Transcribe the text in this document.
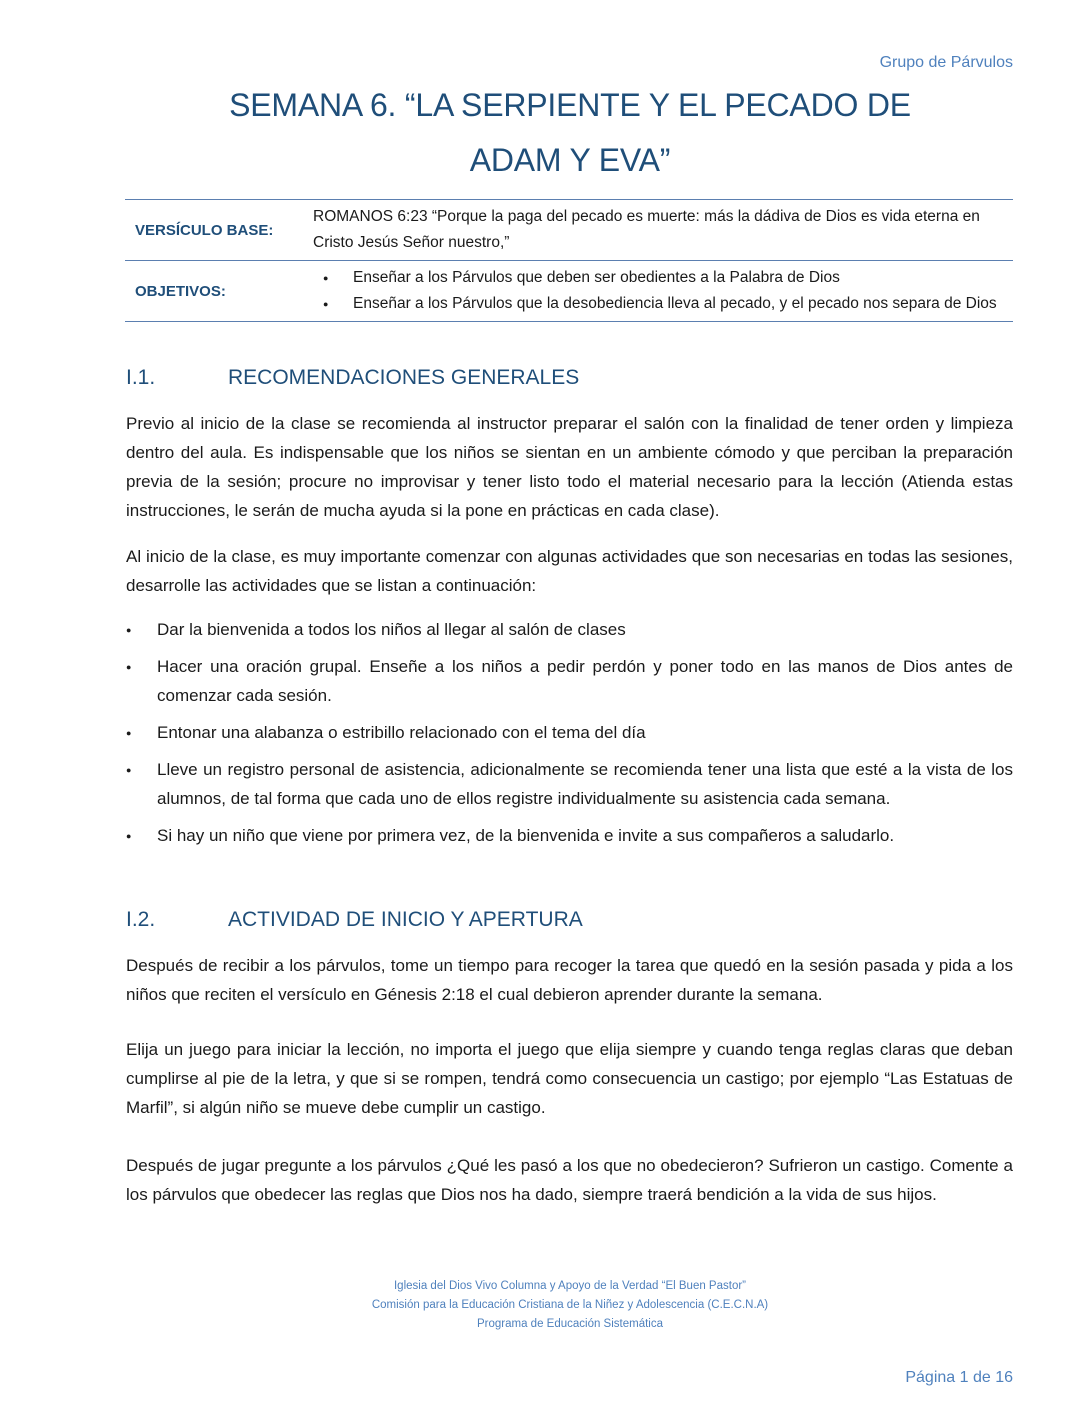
Grupo de Párvulos
SEMANA 6. “LA SERPIENTE Y EL PECADO DE
ADAM Y EVA”
VERSÍCULO BASE:
ROMANOS 6:23 “Porque la paga del pecado es muerte: más la dádiva de Dios es vida eterna en Cristo Jesús Señor nuestro,”
OBJETIVOS:
● Enseñar a los Párvulos que deben ser obedientes a la Palabra de Dios
● Enseñar a los Párvulos que la desobediencia lleva al pecado, y el pecado nos separa de Dios
I.1.	RECOMENDACIONES GENERALES

Previo al inicio de la clase se recomienda al instructor preparar el salón con la finalidad de tener orden y limpieza dentro del aula. Es indispensable que los niños se sientan en un ambiente cómodo y que perciban la preparación previa de la sesión; procure no improvisar y tener listo todo el material necesario para la lección (Atienda estas instrucciones, le serán de mucha ayuda si la pone en prácticas en cada clase).

Al inicio de la clase, es muy importante comenzar con algunas actividades que son necesarias en todas las sesiones, desarrolle las actividades que se listan a continuación:

● Dar la bienvenida a todos los niños al llegar al salón de clases
● Hacer una oración grupal. Enseñe a los niños a pedir perdón y poner todo en las manos de Dios antes de comenzar cada sesión.
● Entonar una alabanza o estribillo relacionado con el tema del día
● Lleve un registro personal de asistencia, adicionalmente se recomienda tener una lista que esté a la vista de los alumnos, de tal forma que cada uno de ellos registre individualmente su asistencia cada semana.
● Si hay un niño que viene por primera vez, de la bienvenida e invite a sus compañeros a saludarlo.
I.2.	ACTIVIDAD DE INICIO Y APERTURA

Después de recibir a los párvulos, tome un tiempo para recoger la tarea que quedó en la sesión pasada y pida a los niños que reciten el versículo en Génesis 2:18 el cual debieron aprender durante la semana.

Elija un juego para iniciar la lección, no importa el juego que elija siempre y cuando tenga reglas claras que deban cumplirse al pie de la letra, y que si se rompen, tendrá como consecuencia un castigo; por ejemplo “Las Estatuas de Marfil”, si algún niño se mueve debe cumplir un castigo.

Después de jugar pregunte a los párvulos ¿Qué les pasó a los que no obedecieron? Sufrieron un castigo. Comente a los párvulos que obedecer las reglas que Dios nos ha dado, siempre traerá bendición a la vida de sus hijos.

Iglesia del Dios Vivo Columna y Apoyo de la Verdad “El Buen Pastor”
Comisión para la Educación Cristiana de la Niñez y Adolescencia (C.E.C.N.A)
Programa de Educación Sistemática
Página 1 de 16
